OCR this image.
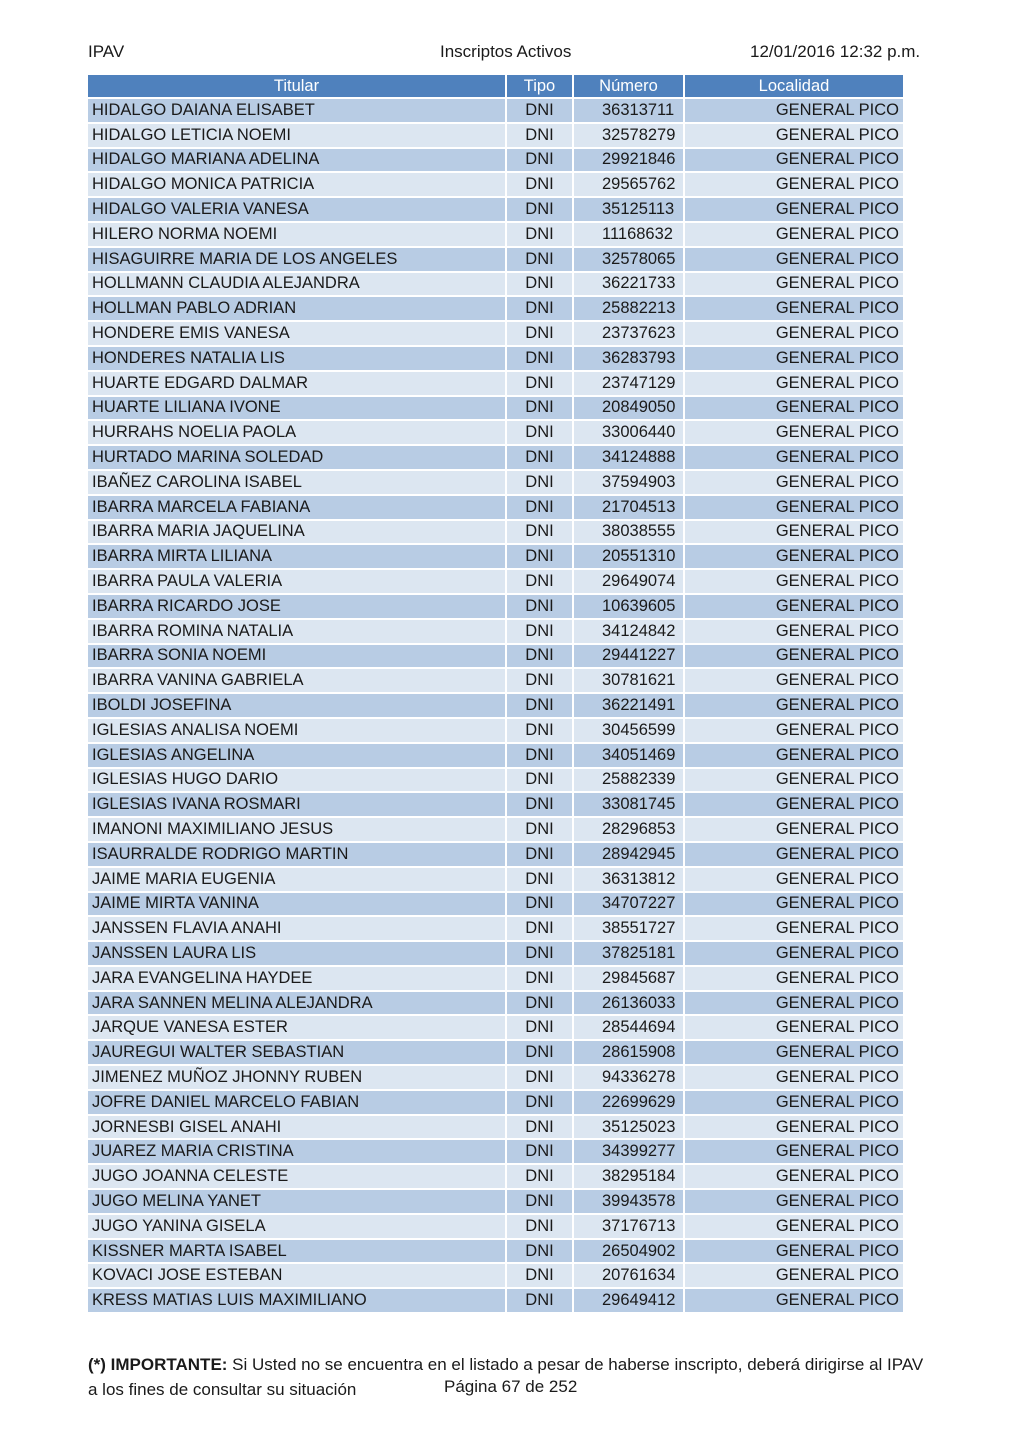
IPAV	Inscriptos Activos	12/01/2016 12:32 p.m.
Titular	Tipo	Número	Localidad
HIDALGO DAIANA ELISABET	DNI	36313711	GENERAL PICO
HIDALGO LETICIA NOEMI	DNI	32578279	GENERAL PICO
HIDALGO MARIANA ADELINA	DNI	29921846	GENERAL PICO
HIDALGO MONICA PATRICIA	DNI	29565762	GENERAL PICO
HIDALGO VALERIA VANESA	DNI	35125113	GENERAL PICO
HILERO NORMA NOEMI	DNI	11168632	GENERAL PICO
HISAGUIRRE MARIA DE LOS ANGELES	DNI	32578065	GENERAL PICO
HOLLMANN CLAUDIA ALEJANDRA	DNI	36221733	GENERAL PICO
HOLLMAN PABLO ADRIAN	DNI	25882213	GENERAL PICO
HONDERE EMIS VANESA	DNI	23737623	GENERAL PICO
HONDERES NATALIA LIS	DNI	36283793	GENERAL PICO
HUARTE EDGARD DALMAR	DNI	23747129	GENERAL PICO
HUARTE LILIANA IVONE	DNI	20849050	GENERAL PICO
HURRAHS NOELIA PAOLA	DNI	33006440	GENERAL PICO
HURTADO MARINA SOLEDAD	DNI	34124888	GENERAL PICO
IBAÑEZ CAROLINA ISABEL	DNI	37594903	GENERAL PICO
IBARRA MARCELA FABIANA	DNI	21704513	GENERAL PICO
IBARRA MARIA JAQUELINA	DNI	38038555	GENERAL PICO
IBARRA MIRTA LILIANA	DNI	20551310	GENERAL PICO
IBARRA PAULA VALERIA	DNI	29649074	GENERAL PICO
IBARRA RICARDO JOSE	DNI	10639605	GENERAL PICO
IBARRA ROMINA NATALIA	DNI	34124842	GENERAL PICO
IBARRA SONIA NOEMI	DNI	29441227	GENERAL PICO
IBARRA VANINA GABRIELA	DNI	30781621	GENERAL PICO
IBOLDI JOSEFINA	DNI	36221491	GENERAL PICO
IGLESIAS ANALISA NOEMI	DNI	30456599	GENERAL PICO
IGLESIAS ANGELINA	DNI	34051469	GENERAL PICO
IGLESIAS HUGO DARIO	DNI	25882339	GENERAL PICO
IGLESIAS IVANA ROSMARI	DNI	33081745	GENERAL PICO
IMANONI MAXIMILIANO JESUS	DNI	28296853	GENERAL PICO
ISAURRALDE RODRIGO MARTIN	DNI	28942945	GENERAL PICO
JAIME MARIA EUGENIA	DNI	36313812	GENERAL PICO
JAIME MIRTA VANINA	DNI	34707227	GENERAL PICO
JANSSEN FLAVIA ANAHI	DNI	38551727	GENERAL PICO
JANSSEN LAURA LIS	DNI	37825181	GENERAL PICO
JARA EVANGELINA HAYDEE	DNI	29845687	GENERAL PICO
JARA SANNEN MELINA ALEJANDRA	DNI	26136033	GENERAL PICO
JARQUE VANESA ESTER	DNI	28544694	GENERAL PICO
JAUREGUI WALTER SEBASTIAN	DNI	28615908	GENERAL PICO
JIMENEZ MUÑOZ JHONNY RUBEN	DNI	94336278	GENERAL PICO
JOFRE DANIEL MARCELO FABIAN	DNI	22699629	GENERAL PICO
JORNESBI GISEL ANAHI	DNI	35125023	GENERAL PICO
JUAREZ MARIA CRISTINA	DNI	34399277	GENERAL PICO
JUGO JOANNA CELESTE	DNI	38295184	GENERAL PICO
JUGO MELINA YANET	DNI	39943578	GENERAL PICO
JUGO YANINA GISELA	DNI	37176713	GENERAL PICO
KISSNER MARTA ISABEL	DNI	26504902	GENERAL PICO
KOVACI JOSE ESTEBAN	DNI	20761634	GENERAL PICO
KRESS MATIAS LUIS MAXIMILIANO	DNI	29649412	GENERAL PICO
(*) IMPORTANTE: Si Usted no se encuentra en el listado a pesar de haberse inscripto, deberá dirigirse al IPAV
a los fines de consultar su situación	Página 67 de 252
